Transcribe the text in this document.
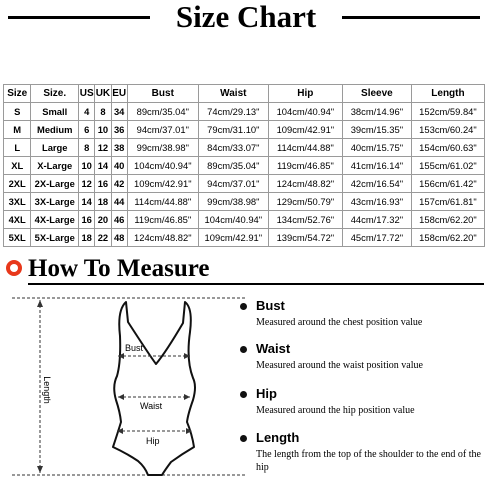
Size Chart
Size	Size.	US	UK	EU	Bust	Waist	Hip	Sleeve	Length
S	Small	4	8	34	89cm/35.04"	74cm/29.13"	104cm/40.94"	38cm/14.96"	152cm/59.84"
M	Medium	6	10	36	94cm/37.01"	79cm/31.10"	109cm/42.91"	39cm/15.35"	153cm/60.24"
L	Large	8	12	38	99cm/38.98"	84cm/33.07"	114cm/44.88"	40cm/15.75"	154cm/60.63"
XL	X-Large	10	14	40	104cm/40.94"	89cm/35.04"	119cm/46.85"	41cm/16.14"	155cm/61.02"
2XL	2X-Large	12	16	42	109cm/42.91"	94cm/37.01"	124cm/48.82"	42cm/16.54"	156cm/61.42"
3XL	3X-Large	14	18	44	114cm/44.88"	99cm/38.98"	129cm/50.79"	43cm/16.93"	157cm/61.81"
4XL	4X-Large	16	20	46	119cm/46.85"	104cm/40.94"	134cm/52.76"	44cm/17.32"	158cm/62.20"
5XL	5X-Large	18	22	48	124cm/48.82"	109cm/42.91"	139cm/54.72"	45cm/17.72"	158cm/62.20"
How To Measure
Length
Bust
Waist
Hip
Bust
Measured around the chest position value
Waist
Measured around the waist position value
Hip
Measured around the hip position value
Length
The length from the top of the shoulder to the end of the hip
